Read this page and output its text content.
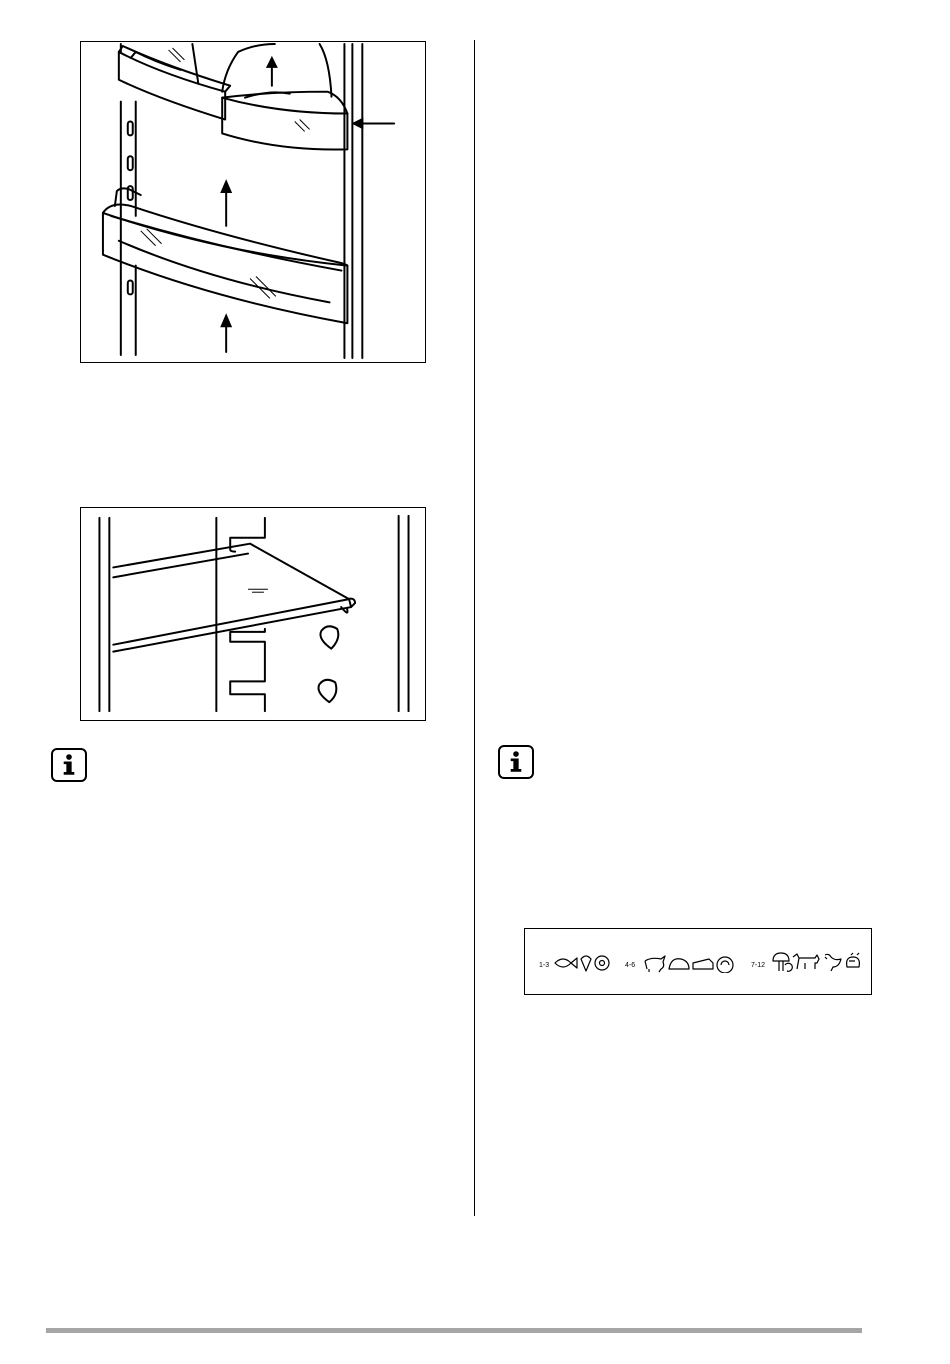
1-3	4-6	7-12
